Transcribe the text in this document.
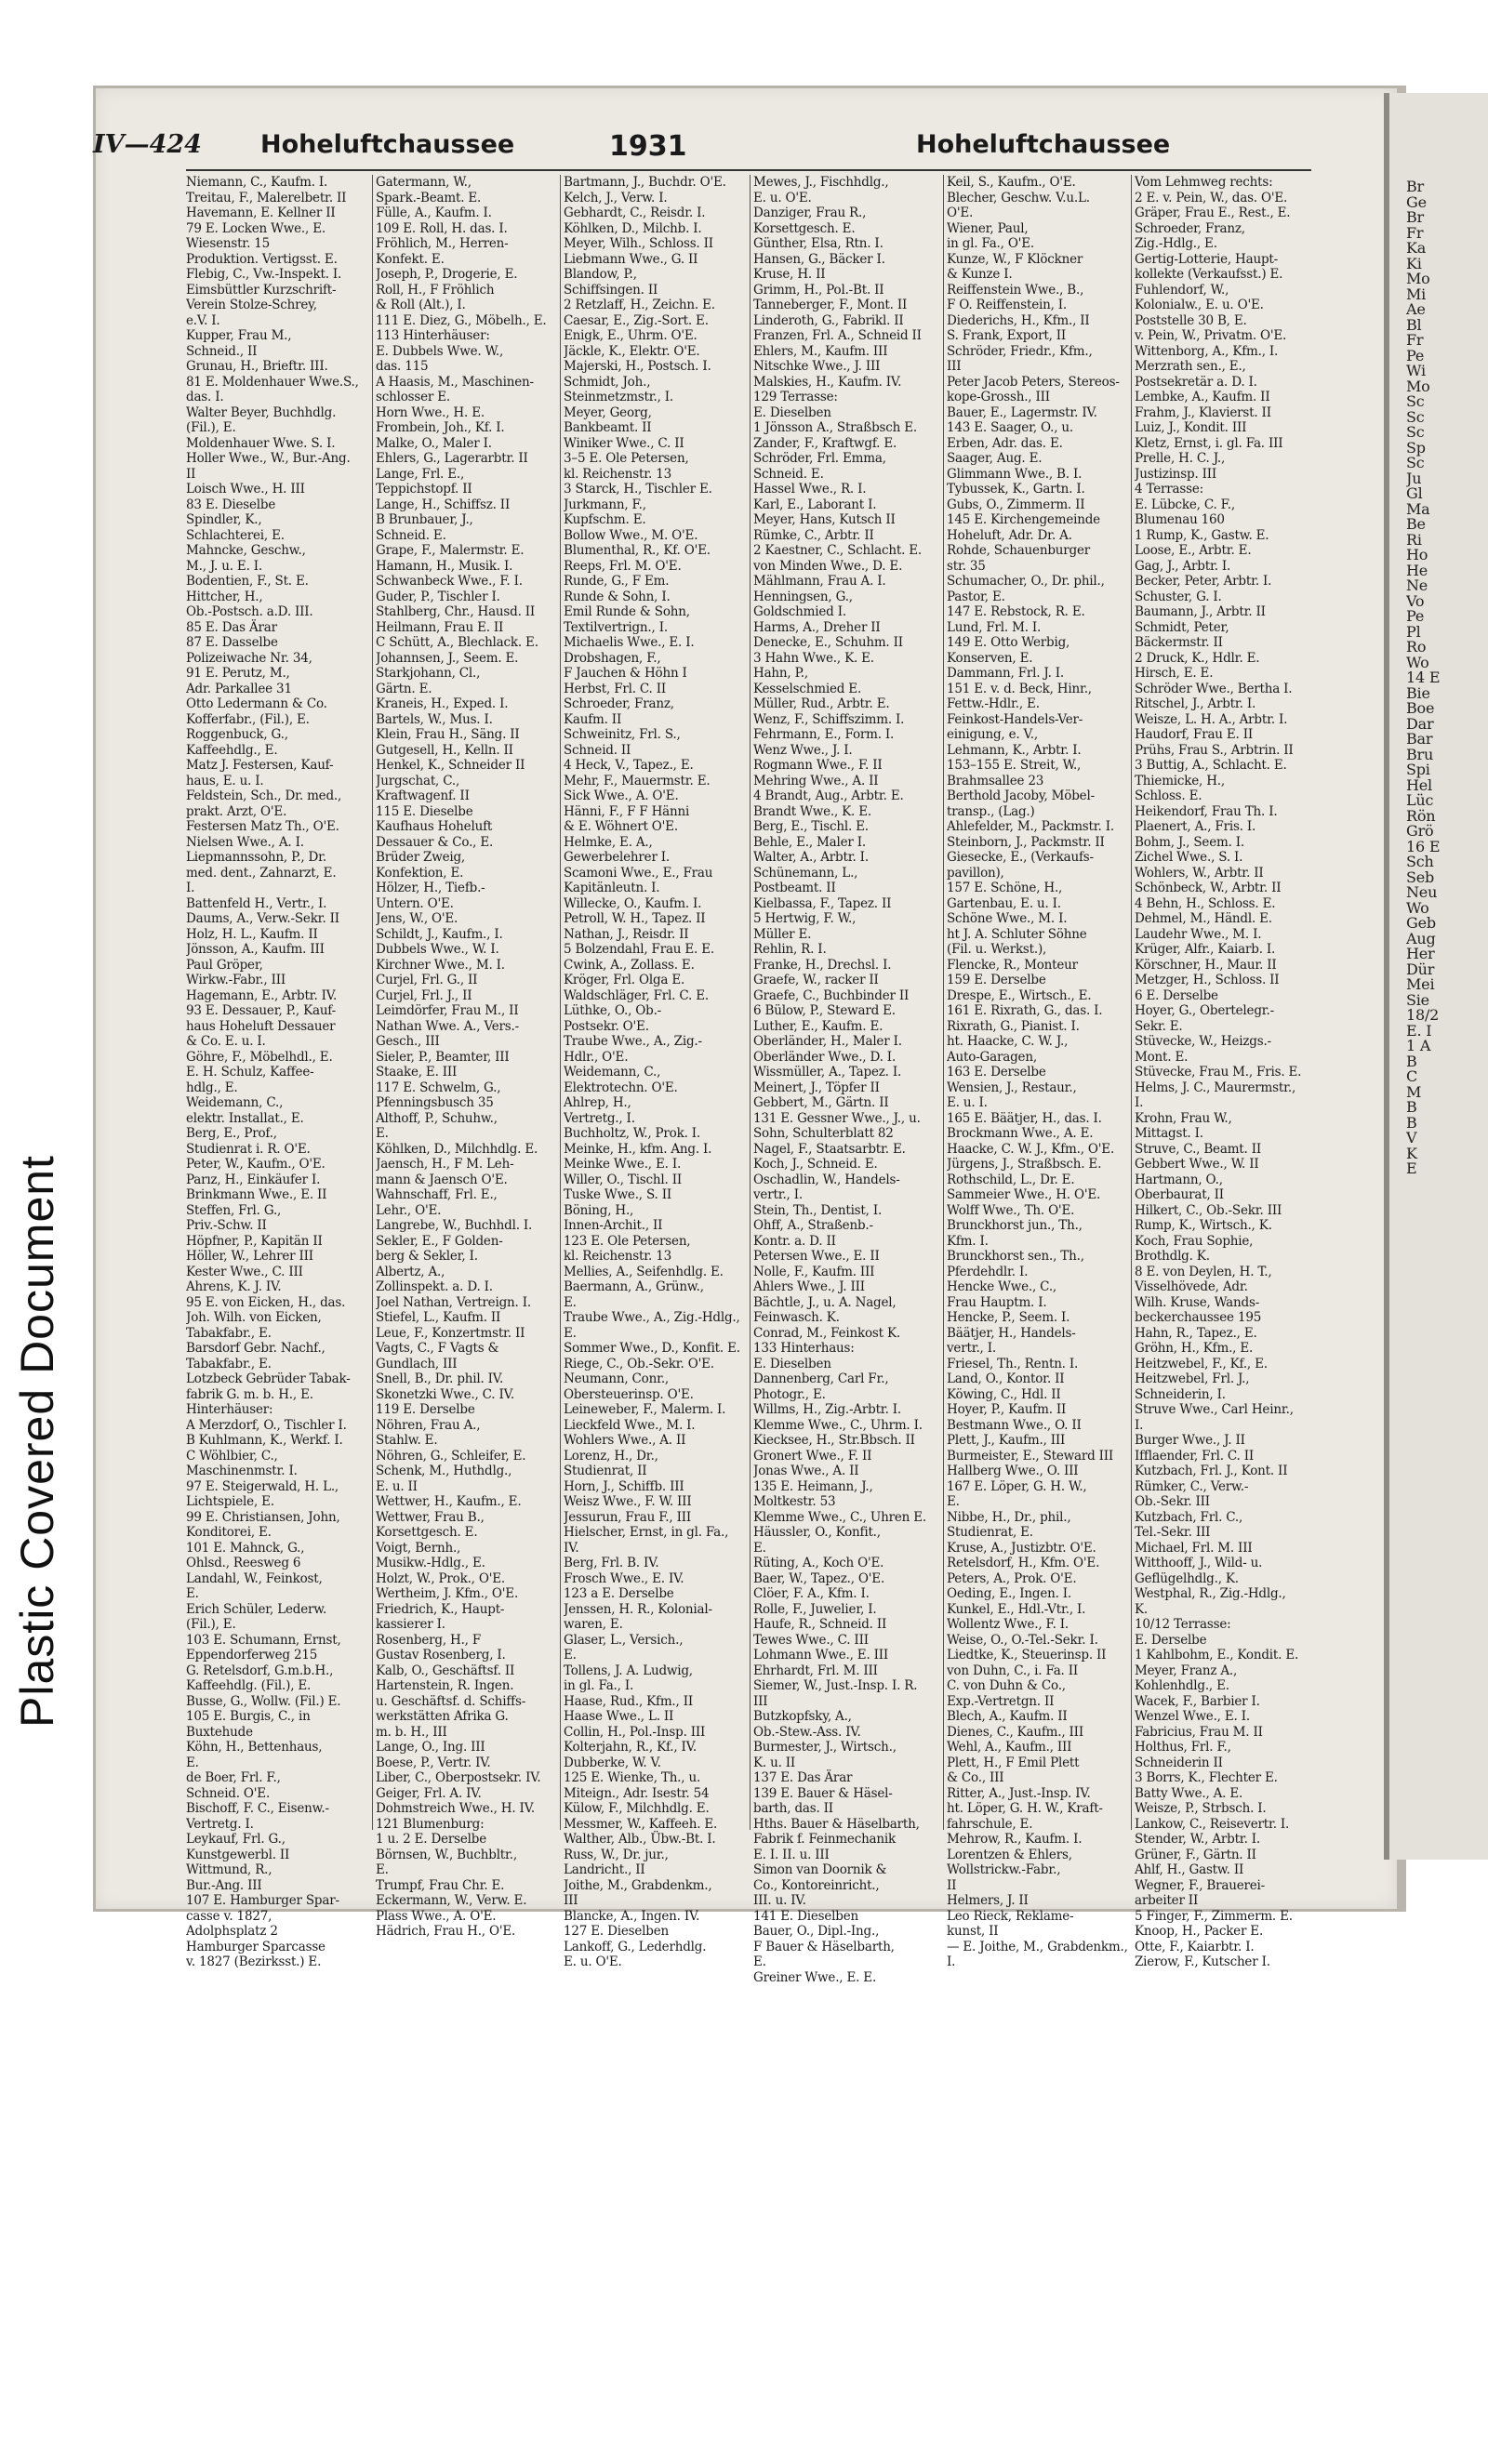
Plastic Covered Document
Br
Ge
Br
Fr
Ka
Ki
Mo
Mi
Ae
Bl
Fr
Pe
Wi
Mo
Sc
Sc
Sc
Sp
Sc
Ju
Gl
Ma
Be
Ri
Ho
He
Ne
Vo
Pe
Pl
Ro
Wo
14 E
Bie
Boe
Dar
Bar
Bru
Spi
Hel
Lüc
Rön
Grö
16 E
Sch
Seb
Neu
Wo
Geb
Aug
Her
Dür
Mei
Sie
18/2
E. I
1 A
B
C
M
B
B
V
K
E
IV—424 Hoheluftchaussee	1931	Hoheluftchaussee
Niemann, C., Kaufm. I.
Treitau, F., Malerelbetr. II
Havemann, E. Kellner II
79 E. Locken Wwe., E.
Wiesenstr. 15
Produktion. Vertigsst. E.
Flebig, C., Vw.-Inspekt. I.
Eimsbüttler Kurzschrift-
Verein Stolze-Schrey,
e.V. I.
Kupper, Frau M.,
Schneid., II
Grunau, H., Brieftr. III.
81 E. Moldenhauer Wwe.S.,
das. I.
Walter Beyer, Buchhdlg.
(Fil.), E.
Moldenhauer Wwe. S. I.
Holler Wwe., W., Bur.-Ang.
II
Loisch Wwe., H. III
83 E. Dieselbe
Spindler, K.,
Schlachterei, E.
Mahncke, Geschw.,
M., J. u. E. I.
Bodentien, F., St. E.
Hittcher, H.,
Ob.-Postsch. a.D. III.
85 E. Das Ärar
87 E. Dasselbe
Polizeiwache Nr. 34,
91 E. Perutz, M.,
Adr. Parkallee 31
Otto Ledermann & Co.
Kofferfabr., (Fil.), E.
Roggenbuck, G.,
Kaffeehdlg., E.
Matz J. Festersen, Kauf-
haus, E. u. I.
Feldstein, Sch., Dr. med.,
prakt. Arzt, O'E.
Festersen Matz Th., O'E.
Nielsen Wwe., A. I.
Liepmannssohn, P., Dr.
med. dent., Zahnarzt, E.
I.
Battenfeld H., Vertr., I.
Daums, A., Verw.-Sekr. II
Holz, H. L., Kaufm. II
Jönsson, A., Kaufm. III
Paul Gröper,
Wirkw.-Fabr., III
Hagemann, E., Arbtr. IV.
93 E. Dessauer, P., Kauf-
haus Hoheluft Dessauer
& Co. E. u. I.
Göhre, F., Möbelhdl., E.
E. H. Schulz, Kaffee-
hdlg., E.
Weidemann, C.,
elektr. Installat., E.
Berg, E., Prof.,
Studienrat i. R. O'E.
Peter, W., Kaufm., O'E.
Parız, H., Einkäufer I.
Brinkmann Wwe., E. II
Steffen, Frl. G.,
Priv.-Schw. II
Höpfner, P., Kapitän II
Höller, W., Lehrer III
Kester Wwe., C. III
Ahrens, K. J. IV.
95 E. von Eicken, H., das.
Joh. Wilh. von Eicken,
Tabakfabr., E.
Barsdorf Gebr. Nachf.,
Tabakfabr., E.
Lotzbeck Gebrüder Tabak-
fabrik G. m. b. H., E.
Hinterhäuser:
A Merzdorf, O., Tischler I.
B Kuhlmann, K., Werkf. I.
C Wöhlbier, C.,
Maschinenmstr. I.
97 E. Steigerwald, H. L.,
Lichtspiele, E.
99 E. Christiansen, John,
Konditorei, E.
101 E. Mahnck, G.,
Ohlsd., Reesweg 6
Landahl, W., Feinkost,
E.
Erich Schüler, Lederw.
(Fil.), E.
103 E. Schumann, Ernst,
Eppendorferweg 215
G. Retelsdorf, G.m.b.H.,
Kaffeehdlg. (Fil.), E.
Busse, G., Wollw. (Fil.) E.
105 E. Burgis, C., in
Buxtehude
Köhn, H., Bettenhaus,
E.
de Boer, Frl. F.,
Schneid. O'E.
Bischoff, F. C., Eisenw.-
Vertretg. I.
Leykauf, Frl. G.,
Kunstgewerbl. II
Wittmund, R.,
Bur.-Ang. III
107 E. Hamburger Spar-
casse v. 1827,
Adolphsplatz 2
Hamburger Sparcasse
v. 1827 (Bezirksst.) E.
Gatermann, W.,
Spark.-Beamt. E.
Fülle, A., Kaufm. I.
109 E. Roll, H. das. I.
Fröhlich, M., Herren-
Konfekt. E.
Joseph, P., Drogerie, E.
Roll, H., F Fröhlich
& Roll (Alt.), I.
111 E. Diez, G., Möbelh., E.
113 Hinterhäuser:
E. Dubbels Wwe. W.,
das. 115
A Haasis, M., Maschinen-
schlosser E.
Horn Wwe., H. E.
Frombein, Joh., Kf. I.
Malke, O., Maler I.
Ehlers, G., Lagerarbtr. II
Lange, Frl. E.,
Teppichstopf. II
Lange, H., Schiffsz. II
B Brunbauer, J.,
Schneid. E.
Grape, F., Malermstr. E.
Hamann, H., Musik. I.
Schwanbeck Wwe., F. I.
Guder, P., Tischler I.
Stahlberg, Chr., Hausd. II
Heilmann, Frau E. II
C Schütt, A., Blechlack. E.
Johannsen, J., Seem. E.
Starkjohann, Cl.,
Gärtn. E.
Kraneis, H., Exped. I.
Bartels, W., Mus. I.
Klein, Frau H., Säng. II
Gutgesell, H., Kelln. II
Henkel, K., Schneider II
Jurgschat, C.,
Kraftwagenf. II
115 E. Dieselbe
Kaufhaus Hoheluft
Dessauer & Co., E.
Brüder Zweig,
Konfektion, E.
Hölzer, H., Tiefb.-
Untern. O'E.
Jens, W., O'E.
Schildt, J., Kaufm., I.
Dubbels Wwe., W. I.
Kirchner Wwe., M. I.
Curjel, Frl. G., II
Curjel, Frl. J., II
Leimdörfer, Frau M., II
Nathan Wwe. A., Vers.-
Gesch., III
Sieler, P., Beamter, III
Staake, E. III
117 E. Schwelm, G.,
Pfenningsbusch 35
Althoff, P., Schuhw.,
E.
Köhlken, D., Milchhdlg. E.
Jaensch, H., F M. Leh-
mann & Jaensch O'E.
Wahnschaff, Frl. E.,
Lehr., O'E.
Langrebe, W., Buchhdl. I.
Sekler, E., F Golden-
berg & Sekler, I.
Albertz, A.,
Zollinspekt. a. D. I.
Joel Nathan, Vertreign. I.
Stiefel, L., Kaufm. II
Leue, F., Konzertmstr. II
Vagts, C., F Vagts &
Gundlach, III
Snell, B., Dr. phil. IV.
Skonetzki Wwe., C. IV.
119 E. Derselbe
Nöhren, Frau A.,
Stahlw. E.
Nöhren, G., Schleifer, E.
Schenk, M., Huthdlg.,
E. u. II
Wettwer, H., Kaufm., E.
Wettwer, Frau B.,
Korsettgesch. E.
Voigt, Bernh.,
Musikw.-Hdlg., E.
Holzt, W., Prok., O'E.
Wertheim, J. Kfm., O'E.
Friedrich, K., Haupt-
kassierer I.
Rosenberg, H., F
Gustav Rosenberg, I.
Kalb, O., Geschäftsf. II
Hartenstein, R. Ingen.
u. Geschäftsf. d. Schiffs-
werkstätten Afrika G.
m. b. H., III
Lange, O., Ing. III
Boese, P., Vertr. IV.
Liber, C., Oberpostsekr. IV.
Geiger, Frl. A. IV.
Dohmstreich Wwe., H. IV.
121 Blumenburg:
1 u. 2 E. Derselbe
Börnsen, W., Buchbltr.,
E.
Trumpf, Frau Chr. E.
Eckermann, W., Verw. E.
Plass Wwe., A. O'E.
Hädrich, Frau H., O'E.
Bartmann, J., Buchdr. O'E.
Kelch, J., Verw. I.
Gebhardt, C., Reisdr. I.
Köhlken, D., Milchb. I.
Meyer, Wilh., Schloss. II
Liebmann Wwe., G. II
Blandow, P.,
Schiffsingen. II
2 Retzlaff, H., Zeichn. E.
Caesar, E., Zig.-Sort. E.
Enigk, E., Uhrm. O'E.
Jäckle, K., Elektr. O'E.
Majerski, H., Postsch. I.
Schmidt, Joh.,
Steinmetzmstr., I.
Meyer, Georg,
Bankbeamt. II
Winiker Wwe., C. II
3–5 E. Ole Petersen,
kl. Reichenstr. 13
3 Starck, H., Tischler E.
Jurkmann, F.,
Kupfschm. E.
Bollow Wwe., M. O'E.
Blumenthal, R., Kf. O'E.
Reeps, Frl. M. O'E.
Runde, G., F Em.
Runde & Sohn, I.
Emil Runde & Sohn,
Textilvertrign., I.
Michaelis Wwe., E. I.
Drobshagen, F.,
F Jauchen & Höhn I
Herbst, Frl. C. II
Schroeder, Franz,
Kaufm. II
Schweinitz, Frl. S.,
Schneid. II
4 Heck, V., Tapez., E.
Mehr, F., Mauermstr. E.
Sick Wwe., A. O'E.
Hänni, F., F F Hänni
& E. Wöhnert O'E.
Helmke, E. A.,
Gewerbelehrer I.
Scamoni Wwe., E., Frau
Kapitänleutn. I.
Willecke, O., Kaufm. I.
Petroll, W. H., Tapez. II
Nathan, J., Reisdr. II
5 Bolzendahl, Frau E. E.
Cwink, A., Zollass. E.
Kröger, Frl. Olga E.
Waldschläger, Frl. C. E.
Lüthke, O., Ob.-
Postsekr. O'E.
Traube Wwe., A., Zig.-
Hdlr., O'E.
Weidemann, C.,
Elektrotechn. O'E.
Ahlrep, H.,
Vertretg., I.
Buchholtz, W., Prok. I.
Meinke, H., kfm. Ang. I.
Meinke Wwe., E. I.
Willer, O., Tischl. II
Tuske Wwe., S. II
Böning, H.,
Innen-Archit., II
123 E. Ole Petersen,
kl. Reichenstr. 13
Mellies, A., Seifenhdlg. E.
Baermann, A., Grünw.,
E.
Traube Wwe., A., Zig.-Hdlg.,
E.
Sommer Wwe., D., Konfit. E.
Riege, C., Ob.-Sekr. O'E.
Neumann, Conr.,
Obersteuerinsp. O'E.
Leineweber, F., Malerm. I.
Lieckfeld Wwe., M. I.
Wohlers Wwe., A. II
Lorenz, H., Dr.,
Studienrat, II
Horn, J., Schiffb. III
Weisz Wwe., F. W. III
Jessurun, Frau F., III
Hielscher, Ernst, in gl. Fa.,
IV.
Berg, Frl. B. IV.
Frosch Wwe., E. IV.
123 a E. Derselbe
Jenssen, H. R., Kolonial-
waren, E.
Glaser, L., Versich.,
E.
Tollens, J. A. Ludwig,
in gl. Fa., I.
Haase, Rud., Kfm., II
Haase Wwe., L. II
Collin, H., Pol.-Insp. III
Kolterjahn, R., Kf., IV.
Dubberke, W. V.
125 E. Wienke, Th., u.
Miteign., Adr. Isestr. 54
Külow, F., Milchhdlg. E.
Messmer, W., Kaffeeh. E.
Walther, Alb., Übw.-Bt. I.
Russ, W., Dr. jur.,
Landricht., II
Joithe, M., Grabdenkm.,
III
Blancke, A., Ingen. IV.
127 E. Dieselben
Lankoff, G., Lederhdlg.
E. u. O'E.
Mewes, J., Fischhdlg.,
E. u. O'E.
Danziger, Frau R.,
Korsettgesch. E.
Günther, Elsa, Rtn. I.
Hansen, G., Bäcker I.
Kruse, H. II
Grimm, H., Pol.-Bt. II
Tanneberger, F., Mont. II
Linderoth, G., Fabrikl. II
Franzen, Frl. A., Schneid II
Ehlers, M., Kaufm. III
Nitschke Wwe., J. III
Malskies, H., Kaufm. IV.
129 Terrasse:
E. Dieselben
1 Jönsson A., Straßbsch E.
Zander, F., Kraftwgf. E.
Schröder, Frl. Emma,
Schneid. E.
Hassel Wwe., R. I.
Karl, E., Laborant I.
Meyer, Hans, Kutsch II
Rümke, C., Arbtr. II
2 Kaestner, C., Schlacht. E.
von Minden Wwe., D. E.
Mählmann, Frau A. I.
Henningsen, G.,
Goldschmied I.
Harms, A., Dreher II
Denecke, E., Schuhm. II
3 Hahn Wwe., K. E.
Hahn, P.,
Kesselschmied E.
Müller, Rud., Arbtr. E.
Wenz, F., Schiffszimm. I.
Fehrmann, E., Form. I.
Wenz Wwe., J. I.
Rogmann Wwe., F. II
Mehring Wwe., A. II
4 Brandt, Aug., Arbtr. E.
Brandt Wwe., K. E.
Berg, E., Tischl. E.
Behle, E., Maler I.
Walter, A., Arbtr. I.
Schünemann, L.,
Postbeamt. II
Kielbassa, F., Tapez. II
5 Hertwig, F. W.,
Müller E.
Rehlin, R. I.
Franke, H., Drechsl. I.
Graefe, W., racker II
Graefe, C., Buchbinder II
6 Bülow, P., Steward E.
Luther, E., Kaufm. E.
Oberländer, H., Maler I.
Oberländer Wwe., D. I.
Wissmüller, A., Tapez. I.
Meinert, J., Töpfer II
Gebbert, M., Gärtn. II
131 E. Gessner Wwe., J., u.
Sohn, Schulterblatt 82
Nagel, F., Staatsarbtr. E.
Koch, J., Schneid. E.
Oschadlin, W., Handels-
vertr., I.
Stein, Th., Dentist, I.
Ohff, A., Straßenb.-
Kontr. a. D. II
Petersen Wwe., E. II
Nolle, F., Kaufm. III
Ahlers Wwe., J. III
Bächtle, J., u. A. Nagel,
Feinwasch. K.
Conrad, M., Feinkost K.
133 Hinterhaus:
E. Dieselben
Dannenberg, Carl Fr.,
Photogr., E.
Willms, H., Zig.-Arbtr. I.
Klemme Wwe., C., Uhrm. I.
Kiecksee, H., Str.Bbsch. II
Gronert Wwe., F. II
Jonas Wwe., A. II
135 E. Heimann, J.,
Moltkestr. 53
Klemme Wwe., C., Uhren E.
Häussler, O., Konfit.,
E.
Rüting, A., Koch O'E.
Baer, W., Tapez., O'E.
Clöer, F. A., Kfm. I.
Rolle, F., Juwelier, I.
Haufe, R., Schneid. II
Tewes Wwe., C. III
Lohmann Wwe., E. III
Ehrhardt, Frl. M. III
Siemer, W., Just.-Insp. I. R.
III
Butzkopfsky, A.,
Ob.-Stew.-Ass. IV.
Burmester, J., Wirtsch.,
K. u. II
137 E. Das Ärar
139 E. Bauer & Häsel-
barth, das. II
Hths. Bauer & Häselbarth,
Fabrik f. Feinmechanik
E. I. II. u. III
Simon van Doornik &
Co., Kontoreinricht.,
III. u. IV.
141 E. Dieselben
Bauer, O., Dipl.-Ing.,
F Bauer & Häselbarth,
E.
Greiner Wwe., E. E.
Keil, S., Kaufm., O'E.
Blecher, Geschw. V.u.L.
O'E.
Wiener, Paul,
in gl. Fa., O'E.
Kunze, W., F Klöckner
& Kunze I.
Reiffenstein Wwe., B.,
F O. Reiffenstein, I.
Diederichs, H., Kfm., II
S. Frank, Export, II
Schröder, Friedr., Kfm.,
III
Peter Jacob Peters, Stereos-
kope-Grossh., III
Bauer, E., Lagermstr. IV.
143 E. Saager, O., u.
Erben, Adr. das. E.
Saager, Aug. E.
Glimmann Wwe., B. I.
Tybussek, K., Gartn. I.
Gubs, O., Zimmerm. II
145 E. Kirchengemeinde
Hoheluft, Adr. Dr. A.
Rohde, Schauenburger
str. 35
Schumacher, O., Dr. phil.,
Pastor, E.
147 E. Rebstock, R. E.
Lund, Frl. M. I.
149 E. Otto Werbig,
Konserven, E.
Dammann, Frl. J. I.
151 E. v. d. Beck, Hinr.,
Fettw.-Hdlr., E.
Feinkost-Handels-Ver-
einigung, e. V.,
Lehmann, K., Arbtr. I.
153–155 E. Streit, W.,
Brahmsallee 23
Berthold Jacoby, Möbel-
transp., (Lag.)
Ahlefelder, M., Packmstr. I.
Steinborn, J., Packmstr. II
Giesecke, E., (Verkaufs-
pavillon),
157 E. Schöne, H.,
Gartenbau, E. u. I.
Schöne Wwe., M. I.
ht J. A. Schluter Söhne
(Fil. u. Werkst.),
Flencke, R., Monteur
159 E. Derselbe
Drespe, E., Wirtsch., E.
161 E. Rixrath, G., das. I.
Rixrath, G., Pianist. I.
ht. Haacke, C. W. J.,
Auto-Garagen,
163 E. Derselbe
Wensien, J., Restaur.,
E. u. I.
165 E. Bäätjer, H., das. I.
Brockmann Wwe., A. E.
Haacke, C. W. J., Kfm., O'E.
Jürgens, J., Straßbsch. E.
Rothschild, L., Dr. E.
Sammeier Wwe., H. O'E.
Wolff Wwe., Th. O'E.
Brunckhorst jun., Th.,
Kfm. I.
Brunckhorst sen., Th.,
Pferdehdlr. I.
Hencke Wwe., C.,
Frau Hauptm. I.
Hencke, P., Seem. I.
Bäätjer, H., Handels-
vertr., I.
Friesel, Th., Rentn. I.
Land, O., Kontor. II
Köwing, C., Hdl. II
Hoyer, P., Kaufm. II
Bestmann Wwe., O. II
Plett, J., Kaufm., III
Burmeister, E., Steward III
Hallberg Wwe., O. III
167 E. Löper, G. H. W.,
E.
Nibbe, H., Dr., phil.,
Studienrat, E.
Kruse, A., Justizbtr. O'E.
Retelsdorf, H., Kfm. O'E.
Peters, A., Prok. O'E.
Oeding, E., Ingen. I.
Kunkel, E., Hdl.-Vtr., I.
Wollentz Wwe., F. I.
Weise, O., O.-Tel.-Sekr. I.
Liedtke, K., Steuerinsp. II
von Duhn, C., i. Fa. II
C. von Duhn & Co.,
Exp.-Vertretgn. II
Blech, A., Kaufm. II
Dienes, C., Kaufm., III
Wehl, A., Kaufm., III
Plett, H., F Emil Plett
& Co., III
Ritter, A., Just.-Insp. IV.
ht. Löper, G. H. W., Kraft-
fahrschule, E.
Mehrow, R., Kaufm. I.
Lorentzen & Ehlers,
Wollstrickw.-Fabr.,
II
Helmers, J. II
Leo Rieck, Reklame-
kunst, II
— E. Joithe, M., Grabdenkm.,
I.
Vom Lehmweg rechts:
2 E. v. Pein, W., das. O'E.
Gräper, Frau E., Rest., E.
Schroeder, Franz,
Zig.-Hdlg., E.
Gertig-Lotterie, Haupt-
kollekte (Verkaufsst.) E.
Fuhlendorf, W.,
Kolonialw., E. u. O'E.
Poststelle 30 B, E.
v. Pein, W., Privatm. O'E.
Wittenborg, A., Kfm., I.
Merzrath sen., E.,
Postsekretär a. D. I.
Lembke, A., Kaufm. II
Frahm, J., Klavierst. II
Luiz, J., Kondit. III
Kletz, Ernst, i. gl. Fa. III
Prelle, H. C. J.,
Justizinsp. III
4 Terrasse:
E. Lübcke, C. F.,
Blumenau 160
1 Rump, K., Gastw. E.
Loose, E., Arbtr. E.
Gag, J., Arbtr. I.
Becker, Peter, Arbtr. I.
Schuster, G. I.
Baumann, J., Arbtr. II
Schmidt, Peter,
Bäckermstr. II
2 Druck, K., Hdlr. E.
Hirsch, E. E.
Schröder Wwe., Bertha I.
Ritschel, J., Arbtr. I.
Weisze, L. H. A., Arbtr. I.
Haudorf, Frau E. II
Prühs, Frau S., Arbtrin. II
3 Buttig, A., Schlacht. E.
Thiemicke, H.,
Schloss. E.
Heikendorf, Frau Th. I.
Plaenert, A., Fris. I.
Bohm, J., Seem. I.
Zichel Wwe., S. I.
Wohlers, W., Arbtr. II
Schönbeck, W., Arbtr. II
4 Behn, H., Schloss. E.
Dehmel, M., Händl. E.
Laudehr Wwe., M. I.
Krüger, Alfr., Kaiarb. I.
Körschner, H., Maur. II
Metzger, H., Schloss. II
6 E. Derselbe
Hoyer, G., Obertelegr.-
Sekr. E.
Stüvecke, W., Heizgs.-
Mont. E.
Stüvecke, Frau M., Fris. E.
Helms, J. C., Maurermstr.,
I.
Krohn, Frau W.,
Mittagst. I.
Struve, C., Beamt. II
Gebbert Wwe., W. II
Hartmann, O.,
Oberbaurat, II
Hilkert, C., Ob.-Sekr. III
Rump, K., Wirtsch., K.
Koch, Frau Sophie,
Brothdlg. K.
8 E. von Deylen, H. T.,
Visselhövede, Adr.
Wilh. Kruse, Wands-
beckerchaussee 195
Hahn, R., Tapez., E.
Gröhn, H., Kfm., E.
Heitzwebel, F., Kf., E.
Heitzwebel, Frl. J.,
Schneiderin, I.
Struve Wwe., Carl Heinr.,
I.
Burger Wwe., J. II
Ifflaender, Frl. C. II
Kutzbach, Frl. J., Kont. II
Rümker, C., Verw.-
Ob.-Sekr. III
Kutzbach, Frl. C.,
Tel.-Sekr. III
Michael, Frl. M. III
Witthooff, J., Wild- u.
Geflügelhdlg., K.
Westphal, R., Zig.-Hdlg.,
K.
10/12 Terrasse:
E. Derselbe
1 Kahlbohm, E., Kondit. E.
Meyer, Franz A.,
Kohlenhdlg., E.
Wacek, F., Barbier I.
Wenzel Wwe., E. I.
Fabricius, Frau M. II
Holthus, Frl. F.,
Schneiderin II
3 Borrs, K., Flechter E.
Batty Wwe., A. E.
Weisze, P., Strbsch. I.
Lankow, C., Reisevertr. I.
Stender, W., Arbtr. I.
Grüner, F., Gärtn. II
Ahlf, H., Gastw. II
Wegner, F., Brauerei-
arbeiter II
5 Finger, F., Zimmerm. E.
Knoop, H., Packer E.
Otte, F., Kaiarbtr. I.
Zierow, F., Kutscher I.
